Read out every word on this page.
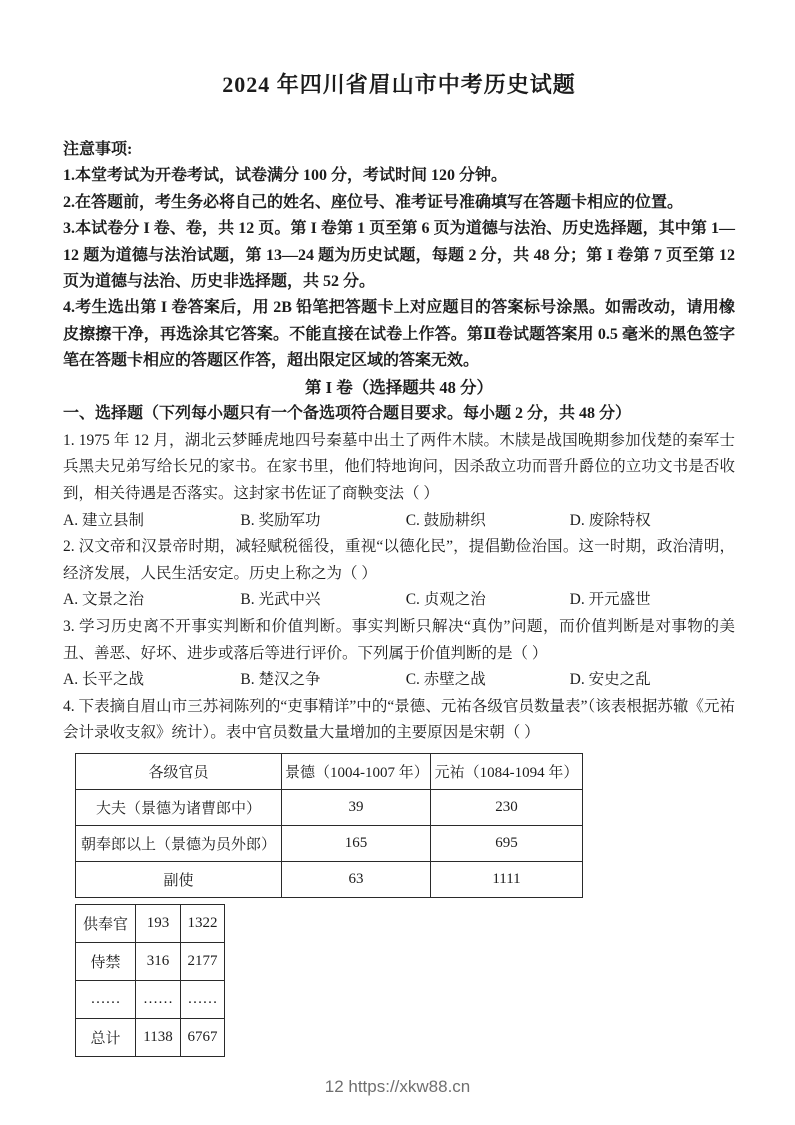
2024 年四川省眉山市中考历史试题
注意事项:

1.本堂考试为开卷考试，试卷满分 100 分，考试时间 120 分钟。

2.在答题前，考生务必将自己的姓名、座位号、准考证号准确填写在答题卡相应的位置。

3.本试卷分 I 卷、卷，共 12 页。第 I 卷第 1 页至第 6 页为道德与法治、历史选择题，其中第 1—12 题为道德与法治试题，第 13—24 题为历史试题，每题 2 分，共 48 分；第 I 卷第 7 页至第 12 页为道德与法治、历史非选择题，共 52 分。

4.考生选出第 I 卷答案后，用 2B 铅笔把答题卡上对应题目的答案标号涂黑。如需改动，请用橡皮擦擦干净，再选涂其它答案。不能直接在试卷上作答。第Ⅱ卷试题答案用 0.5 毫米的黑色签字笔在答题卡相应的答题区作答，超出限定区域的答案无效。

第 I 卷（选择题共 48 分）

一、选择题（下列每小题只有一个备选项符合题目要求。每小题 2 分，共 48 分）

1. 1975 年 12 月，湖北云梦睡虎地四号秦墓中出土了两件木牍。木牍是战国晚期参加伐楚的秦军士兵黑夫兄弟写给长兄的家书。在家书里，他们特地询问，因杀敌立功而晋升爵位的立功文书是否收到，相关待遇是否落实。这封家书佐证了商鞅变法（ ）

A. 建立县制	B. 奖励军功	C. 鼓励耕织	D. 废除特权

2. 汉文帝和汉景帝时期，减轻赋税徭役，重视“以德化民”，提倡勤俭治国。这一时期，政治清明，经济发展，人民生活安定。历史上称之为（ ）

A. 文景之治	B. 光武中兴	C. 贞观之治	D. 开元盛世

3. 学习历史离不开事实判断和价值判断。事实判断只解决“真伪”问题，而价值判断是对事物的美丑、善恶、好坏、进步或落后等进行评价。下列属于价值判断的是（ ）

A. 长平之战	B. 楚汉之争	C. 赤壁之战	D. 安史之乱

4. 下表摘自眉山市三苏祠陈列的“吏事精详”中的“景德、元祐各级官员数量表”（该表根据苏辙《元祐会计录收支叙》统计）。表中官员数量大量增加的主要原因是宋朝（ ）

各级官员	景德（1004-1007 年）	元祐（1084-1094 年）
大夫（景德为诸曹郎中）	39	230
朝奉郎以上（景德为员外郎）	165	695
副使	63	1111
供奉官	193	1322
侍禁	316	2177
……	……	……
总计	1138	6767
12 https://xkw88.cn
